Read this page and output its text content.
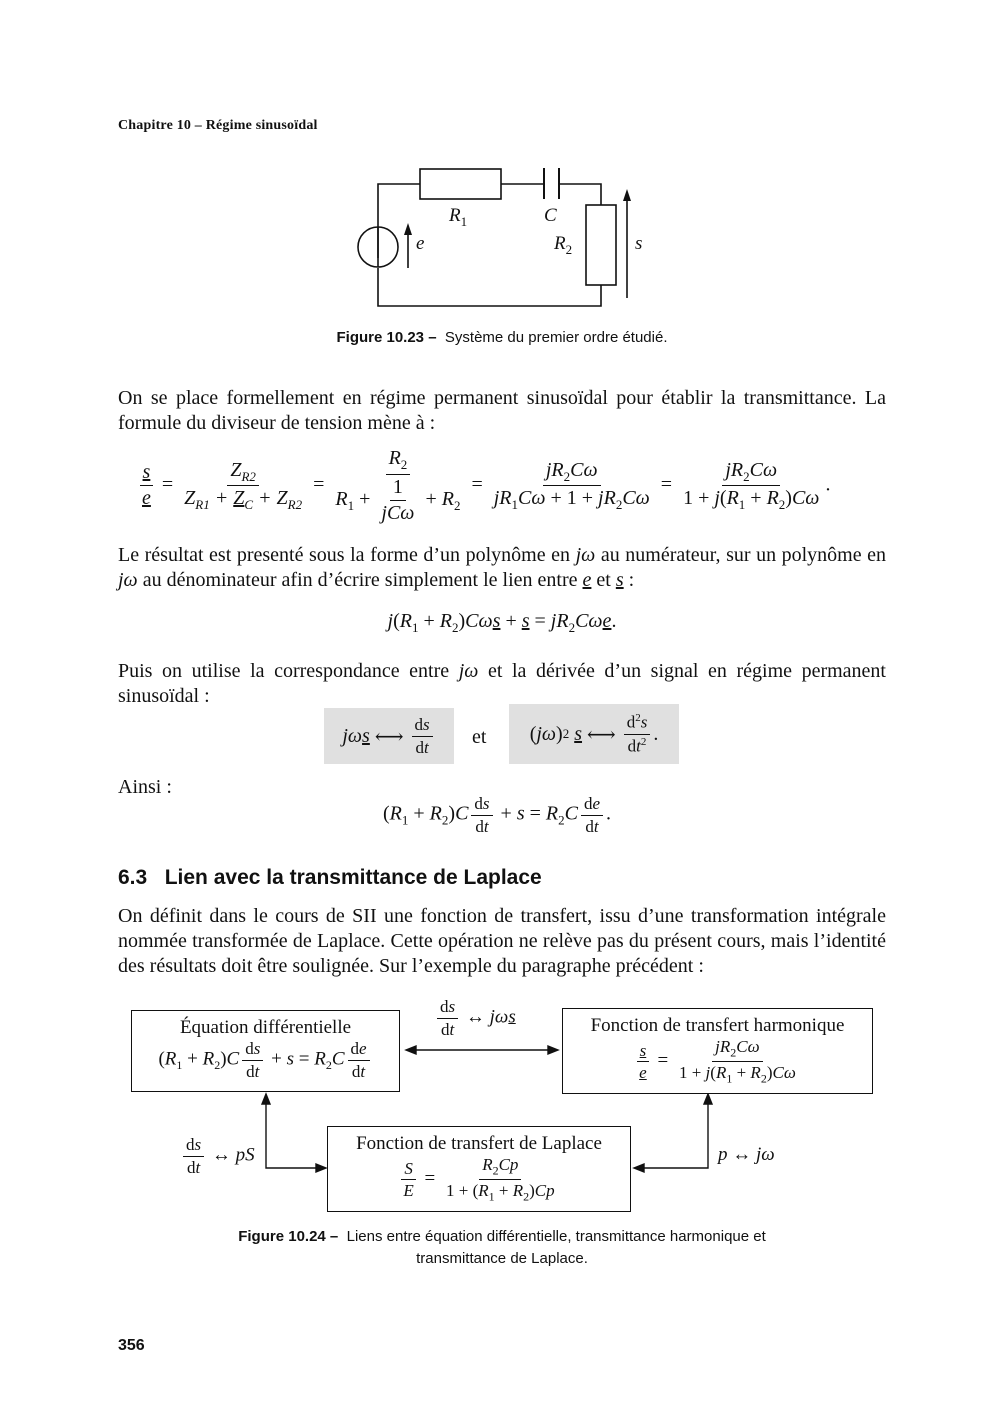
Chapitre 10 – Régime sinusoïdal
$R_1$	C
$R_2$
e	s
Figure 10.23 – Système du premier ordre étudié.

On se place formellement en régime permanent sinusoïdal pour établir la transmittance. La formule du diviseur de tension mène à :

$\frac{s}{e} = \frac{Z_{R2}}{Z_{R1} + Z_C + Z_{R2}} = \frac{R_2}{R_1 + \frac{1}{\text{jCω}} + R_2} = \frac{jR_2C\omega}{jR_1C\omega + 1 + jR_2C\omega} = \frac{jR_2C\omega}{1 + j(R_1 + R_2)C\omega}$ .

Le résultat est presenté sous la forme d’un polynôme en jω au numérateur, sur un polynôme en jω au dénominateur afin d’écrire simplement le lien entre e et s :

$j(R_1 + R_2)C\omega s + s = jR_2C\omega e$.

Puis on utilise la correspondance entre jω et la dérivée d’un signal en régime permanent sinusoïdal :

jωs ⟷ $\frac{ds}{dt}$ et	( jω ) 2
s ⟷ $\frac{d^2s}{dt^2}$ .
Ainsi :
$(R_1 + R_2)C \frac{ds}{dt} + s = R_2C \frac{de}{dt}$ .
6.3 Lien avec la transmittance de Laplace

On définit dans le cours de SII une fonction de transfert, issu d’une transformation intégrale nommée transformée de Laplace. Cette opération ne relève pas du présent cours, mais l’identité des résultats doit être soulignée. Sur l’exemple du paragraphe précédent :

Équation différentielle
$(R_1 + R_2)C \frac{ds}{dt} + s = R_2C \frac{de}{dt}$
$\frac{ds}{dt}$ ↔ jωs	Fonction de transfert harmonique
$\frac{s}{e} = \frac{jR_2C\omega}{1 + j(R_1 + R_2)C\omega}$
$\frac{ds}{dt}$ ↔ pS
Fonction de transfert de Laplace
$\frac{S}{E} = \frac{R_2Cp}{1 + (R_1 + R_2)Cp}$
p ↔ jω
Figure 10.24 – Liens entre équation différentielle, transmittance harmonique et
transmittance de Laplace.
356
